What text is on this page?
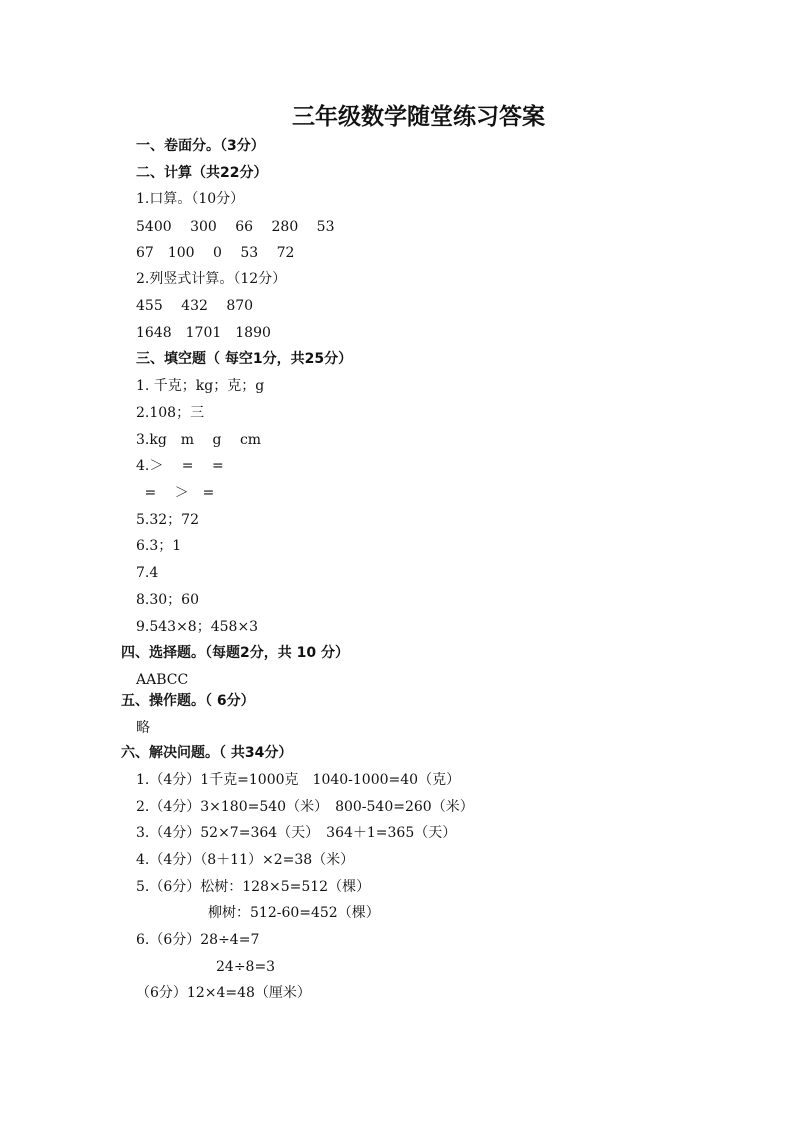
三年级数学随堂练习答案
一、卷面分。（3分）
二、计算（共22分）
1.口算。（10分）
5400　 300　 66　 280　 53
67　100　 0　 53　 72
2.列竖式计算。（12分）
455　 432　 870
1648　1701　1890
三、填空题（ 每空1分，共25分）
1. 千克；kg；克；g
2.108；三
3.kg　m　 g　 cm
4.＞　 =　 =
=　 ＞　=
5.32；72
6.3；1
7.4
8.30；60
9.543×8；458×3
四、选择题。（每题2分，共 10 分）
AABCC
五、操作题。（ 6分）
略
六、解决问题。（ 共34分）
1.（4分）1千克=1000克　1040-1000=40（克）
2.（4分）3×180=540（米）　800-540=260（米）
3.（4分）52×7=364（天）　364＋1=365（天）
4.（4分）（8＋11）×2=38（米）
5.（6分）松树：128×5=512（棵）
柳树：512-60=452（棵）
6.（6分）28÷4=7
24÷8=3
（6分）12×4=48（厘米）
